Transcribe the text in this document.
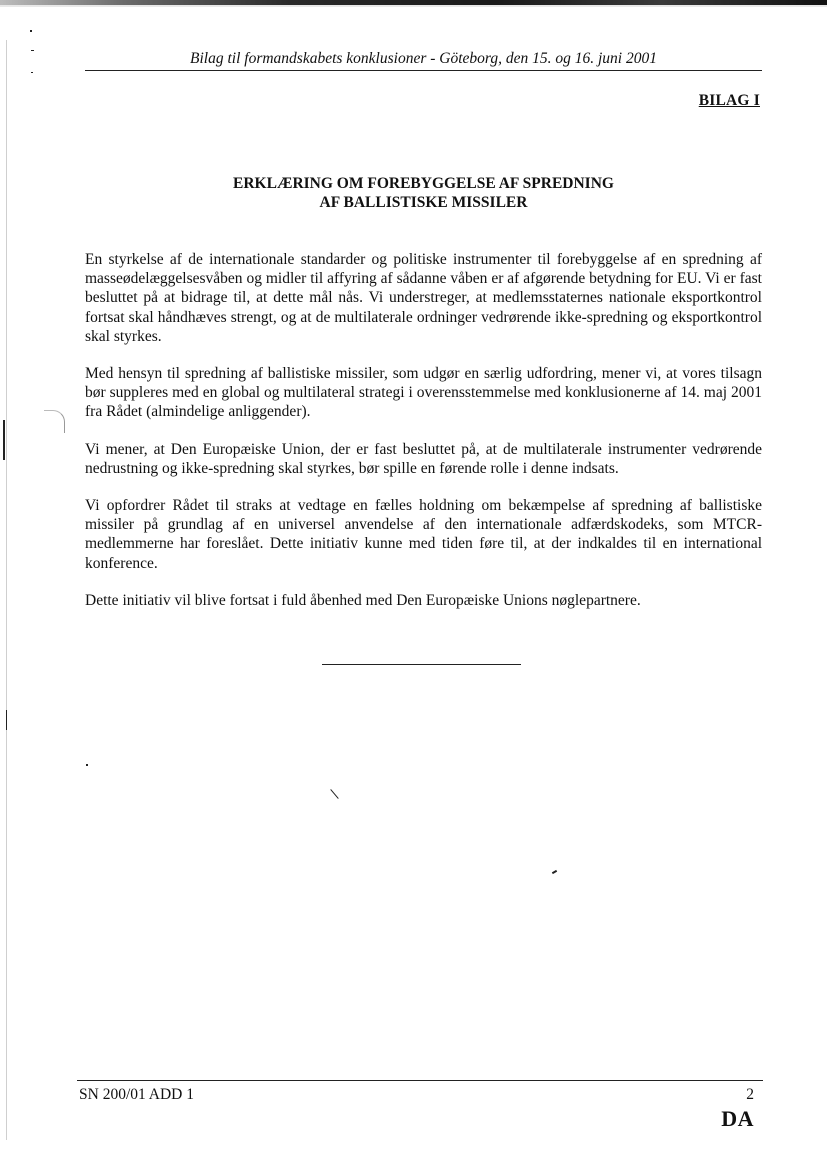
Bilag til formandskabets konklusioner - Göteborg, den 15. og 16. juni 2001
BILAG I
ERKLÆRING OM FOREBYGGELSE AF SPREDNING
AF BALLISTISKE MISSILER

En styrkelse af de internationale standarder og politiske instrumenter til forebyggelse af en spredning af masseødelæggelsesvåben og midler til affyring af sådanne våben er af afgørende betydning for EU. Vi er fast besluttet på at bidrage til, at dette mål nås. Vi understreger, at medlemsstaternes nationale eksportkontrol fortsat skal håndhæves strengt, og at de multilaterale ordninger vedrørende ikke-spredning og eksportkontrol skal styrkes.

Med hensyn til spredning af ballistiske missiler, som udgør en særlig udfordring, mener vi, at vores tilsagn bør suppleres med en global og multilateral strategi i overensstemmelse med konklusionerne af 14. maj 2001 fra Rådet (almindelige anliggender).

Vi mener, at Den Europæiske Union, der er fast besluttet på, at de multilaterale instrumenter vedrørende nedrustning og ikke-spredning skal styrkes, bør spille en førende rolle i denne indsats.

Vi opfordrer Rådet til straks at vedtage en fælles holdning om bekæmpelse af spredning af ballistiske missiler på grundlag af en universel anvendelse af den internationale adfærdskodeks, som MTCR-medlemmerne har foreslået. Dette initiativ kunne med tiden føre til, at der indkaldes til en international konference.

Dette initiativ vil blive fortsat i fuld åbenhed med Den Europæiske Unions nøglepartnere.

SN 200/01 ADD 1	2
DA
